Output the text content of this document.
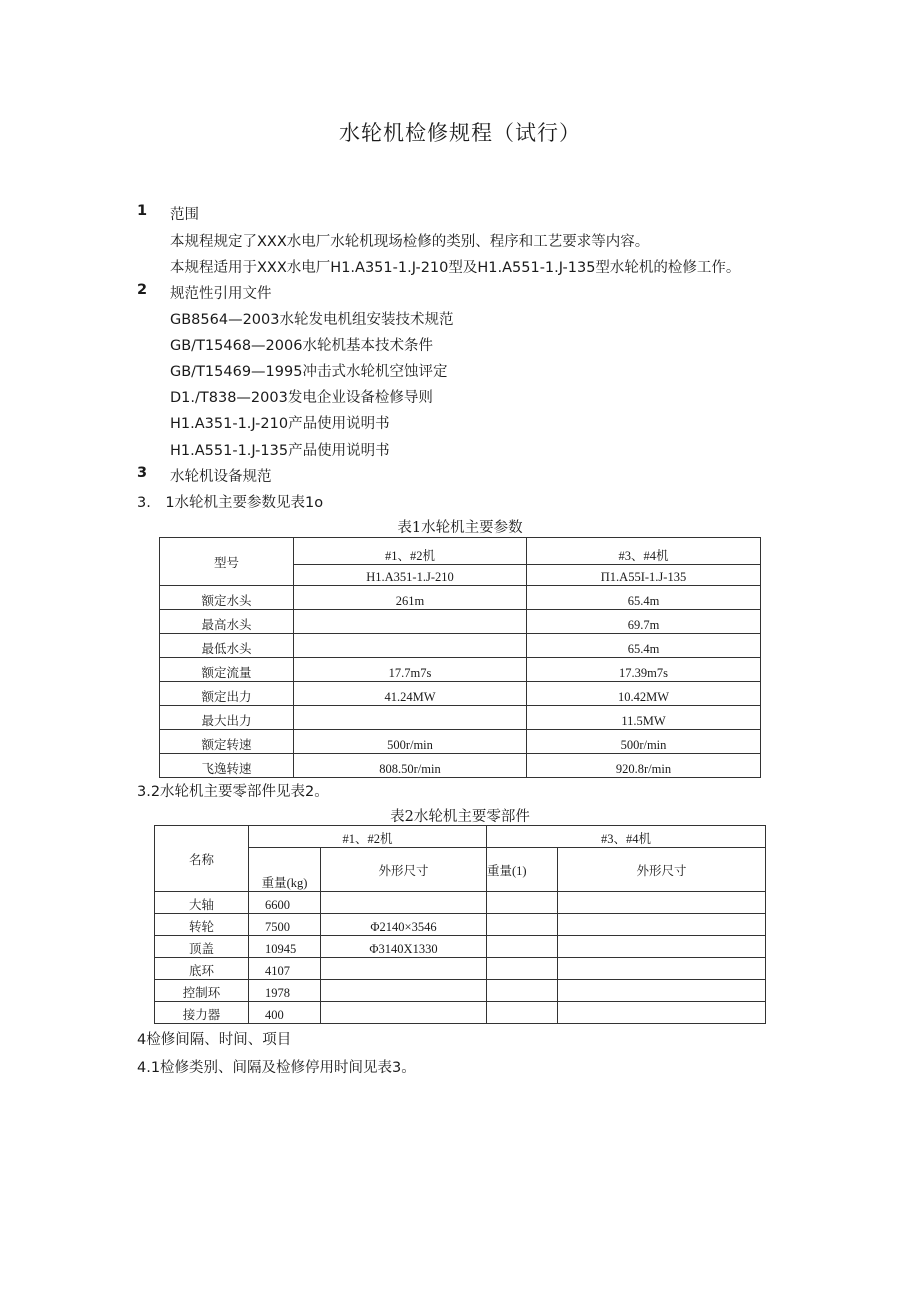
水轮机检修规程（试行）
1 范围
本规程规定了XXX水电厂水轮机现场检修的类别、程序和工艺要求等内容。
本规程适用于XXX水电厂H1.A351-1.J-210型及H1.A551-1.J-135型水轮机的检修工作。
2 规范性引用文件
GB8564—2003水轮发电机组安装技术规范
GB/T15468—2006水轮机基本技术条件
GB/T15469—1995冲击式水轮机空蚀评定
D1./T838—2003发电企业设备检修导则
H1.A351-1.J-210产品使用说明书
H1.A551-1.J-135产品使用说明书
3 水轮机设备规范
3.　1水轮机主要参数见表1o
表1水轮机主要参数
型号	#1、#2机	#3、#4机
	H1.A351-1.J-210	П1.A55I-1.J-135
额定水头	261m	65.4m
最高水头		69.7m
最低水头		65.4m
额定流量	17.7m7s	17.39m7s
额定出力	41.24MW	10.42MW
最大出力		11.5MW
额定转速	500r/min	500r/min
飞逸转速	808.50r/min	920.8r/min
3.2水轮机主要零部件见表2。
表2水轮机主要零部件
名称	#1、#2机		#3、#4机	
	重量(kg)	外形尺寸	重量(1)	外形尺寸
大轴	6600			
转轮	7500	Φ2140×3546		
顶盖	10945	Φ3140X1330		
底环	4107			
控制环	1978			
接力器	400			
4检修间隔、时间、项目
4.1检修类别、间隔及检修停用时间见表3。
